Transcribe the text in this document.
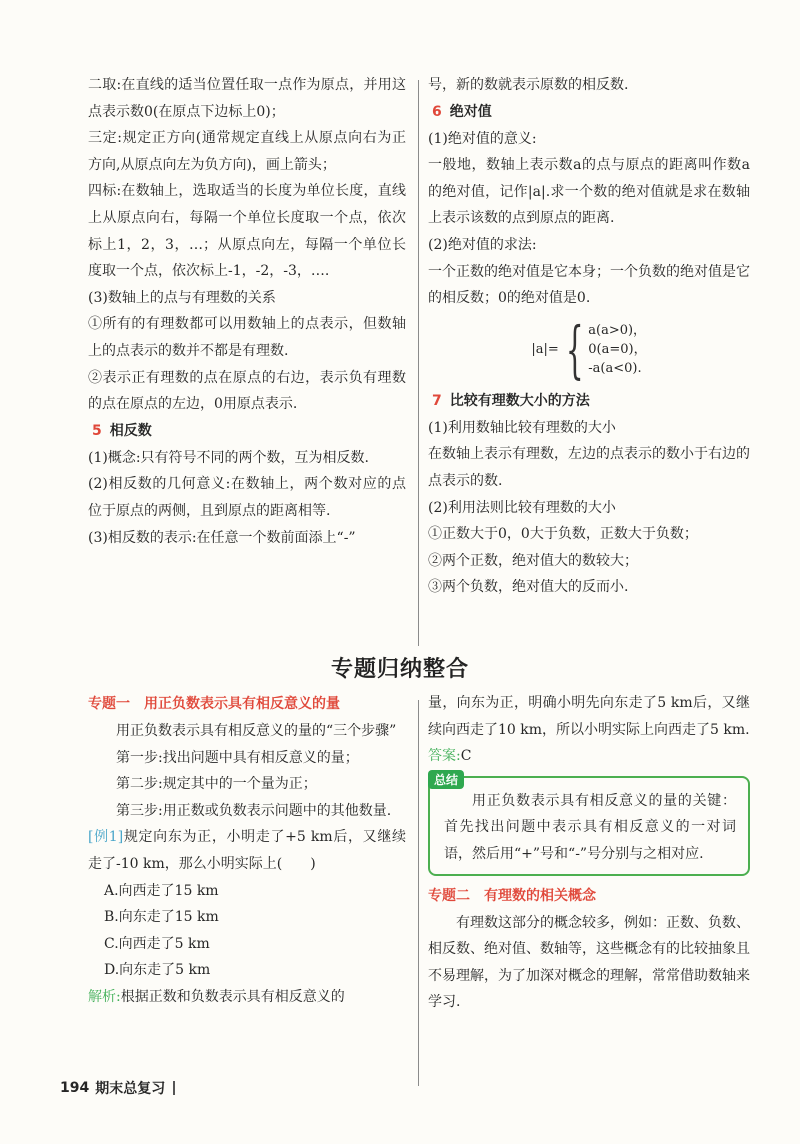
二取:在直线的适当位置任取一点作为原点，并用这点表示数0(在原点下边标上0)；

三定:规定正方向(通常规定直线上从原点向右为正方向,从原点向左为负方向)，画上箭头；

四标:在数轴上，选取适当的长度为单位长度，直线上从原点向右，每隔一个单位长度取一个点，依次标上1，2，3，…；从原点向左，每隔一个单位长度取一个点，依次标上-1，-2，-3，….

(3)数轴上的点与有理数的关系

①所有的有理数都可以用数轴上的点表示，但数轴上的点表示的数并不都是有理数.

②表示正有理数的点在原点的右边，表示负有理数的点在原点的左边，0用原点表示.

5 相反数

(1)概念:只有符号不同的两个数，互为相反数.

(2)相反数的几何意义:在数轴上，两个数对应的点位于原点的两侧，且到原点的距离相等.

(3)相反数的表示:在任意一个数前面添上“-”

号，新的数就表示原数的相反数.

6 绝对值

(1)绝对值的意义:

一般地，数轴上表示数a的点与原点的距离叫作数a的绝对值，记作|a|.求一个数的绝对值就是求在数轴上表示该数的点到原点的距离.

(2)绝对值的求法:

一个正数的绝对值是它本身；一个负数的绝对值是它的相反数；0的绝对值是0.

|a|= { a(a>0)，
0(a=0)，
-a(a<0).
7 比较有理数大小的方法

(1)利用数轴比较有理数的大小

在数轴上表示有理数，左边的点表示的数小于右边的点表示的数.

(2)利用法则比较有理数的大小

①正数大于0，0大于负数，正数大于负数；

②两个正数，绝对值大的数较大；

③两个负数，绝对值大的反而小.

专题归纳整合
专题一 用正负数表示具有相反意义的量

用正负数表示具有相反意义的量的“三个步骤”

第一步:找出问题中具有相反意义的量；

第二步:规定其中的一个量为正；

第三步:用正数或负数表示问题中的其他数量.

[例1]规定向东为正，小明走了+5 km后，又继续走了-10 km，那么小明实际上(　　)

A.向西走了15 km

B.向东走了15 km

C.向西走了5 km

D.向东走了5 km

解析:根据正数和负数表示具有相反意义的

量，向东为正，明确小明先向东走了5 km后，又继续向西走了10 km，所以小明实际上向西走了5 km.

答案:C

总结

用正负数表示具有相反意义的量的关键：首先找出问题中表示具有相反意义的一对词语，然后用“+”号和“-”号分别与之相对应.

专题二 有理数的相关概念

有理数这部分的概念较多，例如：正数、负数、相反数、绝对值、数轴等，这些概念有的比较抽象且不易理解，为了加深对概念的理解，常常借助数轴来学习.

194 期末总复习
